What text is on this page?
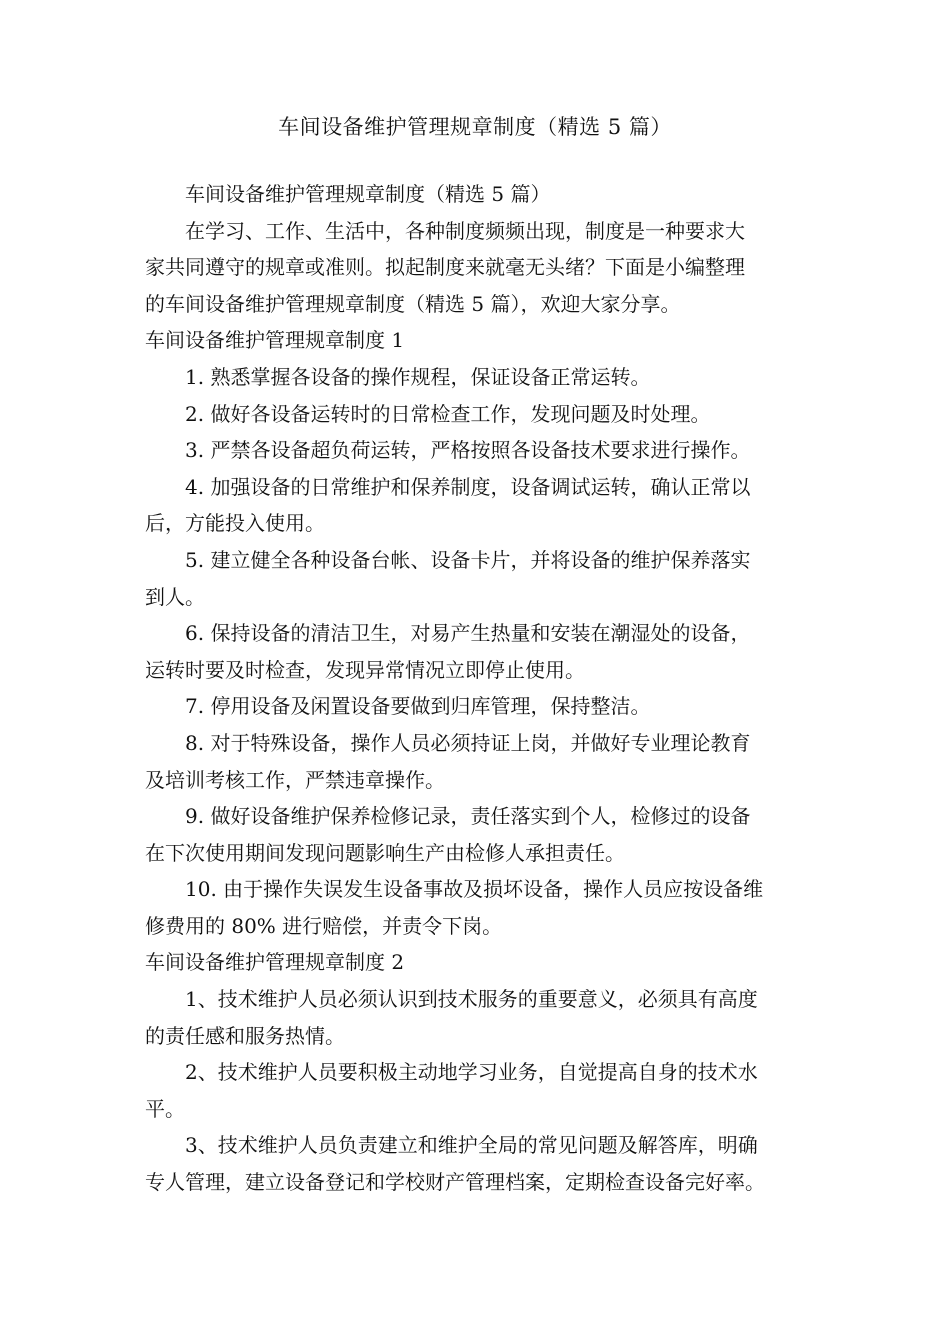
车间设备维护管理规章制度（精选 5 篇）

车间设备维护管理规章制度（精选 5 篇）

在学习、工作、生活中，各种制度频频出现，制度是一种要求大
家共同遵守的规章或准则。拟起制度来就毫无头绪？下面是小编整理
的车间设备维护管理规章制度（精选 5 篇），欢迎大家分享。

车间设备维护管理规章制度 1

1. 熟悉掌握各设备的操作规程，保证设备正常运转。

2. 做好各设备运转时的日常检查工作，发现问题及时处理。

3. 严禁各设备超负荷运转，严格按照各设备技术要求进行操作。

4. 加强设备的日常维护和保养制度，设备调试运转，确认正常以
后，方能投入使用。

5. 建立健全各种设备台帐、设备卡片，并将设备的维护保养落实
到人。

6. 保持设备的清洁卫生，对易产生热量和安装在潮湿处的设备，
运转时要及时检查，发现异常情况立即停止使用。

7. 停用设备及闲置设备要做到归库管理，保持整洁。

8. 对于特殊设备，操作人员必须持证上岗，并做好专业理论教育
及培训考核工作，严禁违章操作。

9. 做好设备维护保养检修记录，责任落实到个人，检修过的设备
在下次使用期间发现问题影响生产由检修人承担责任。

10. 由于操作失误发生设备事故及损坏设备，操作人员应按设备维
修费用的 80% 进行赔偿，并责令下岗。

车间设备维护管理规章制度 2

1、技术维护人员必须认识到技术服务的重要意义，必须具有高度
的责任感和服务热情。

2、技术维护人员要积极主动地学习业务，自觉提高自身的技术水
平。

3、技术维护人员负责建立和维护全局的常见问题及解答库，明确
专人管理，建立设备登记和学校财产管理档案，定期检查设备完好率。
